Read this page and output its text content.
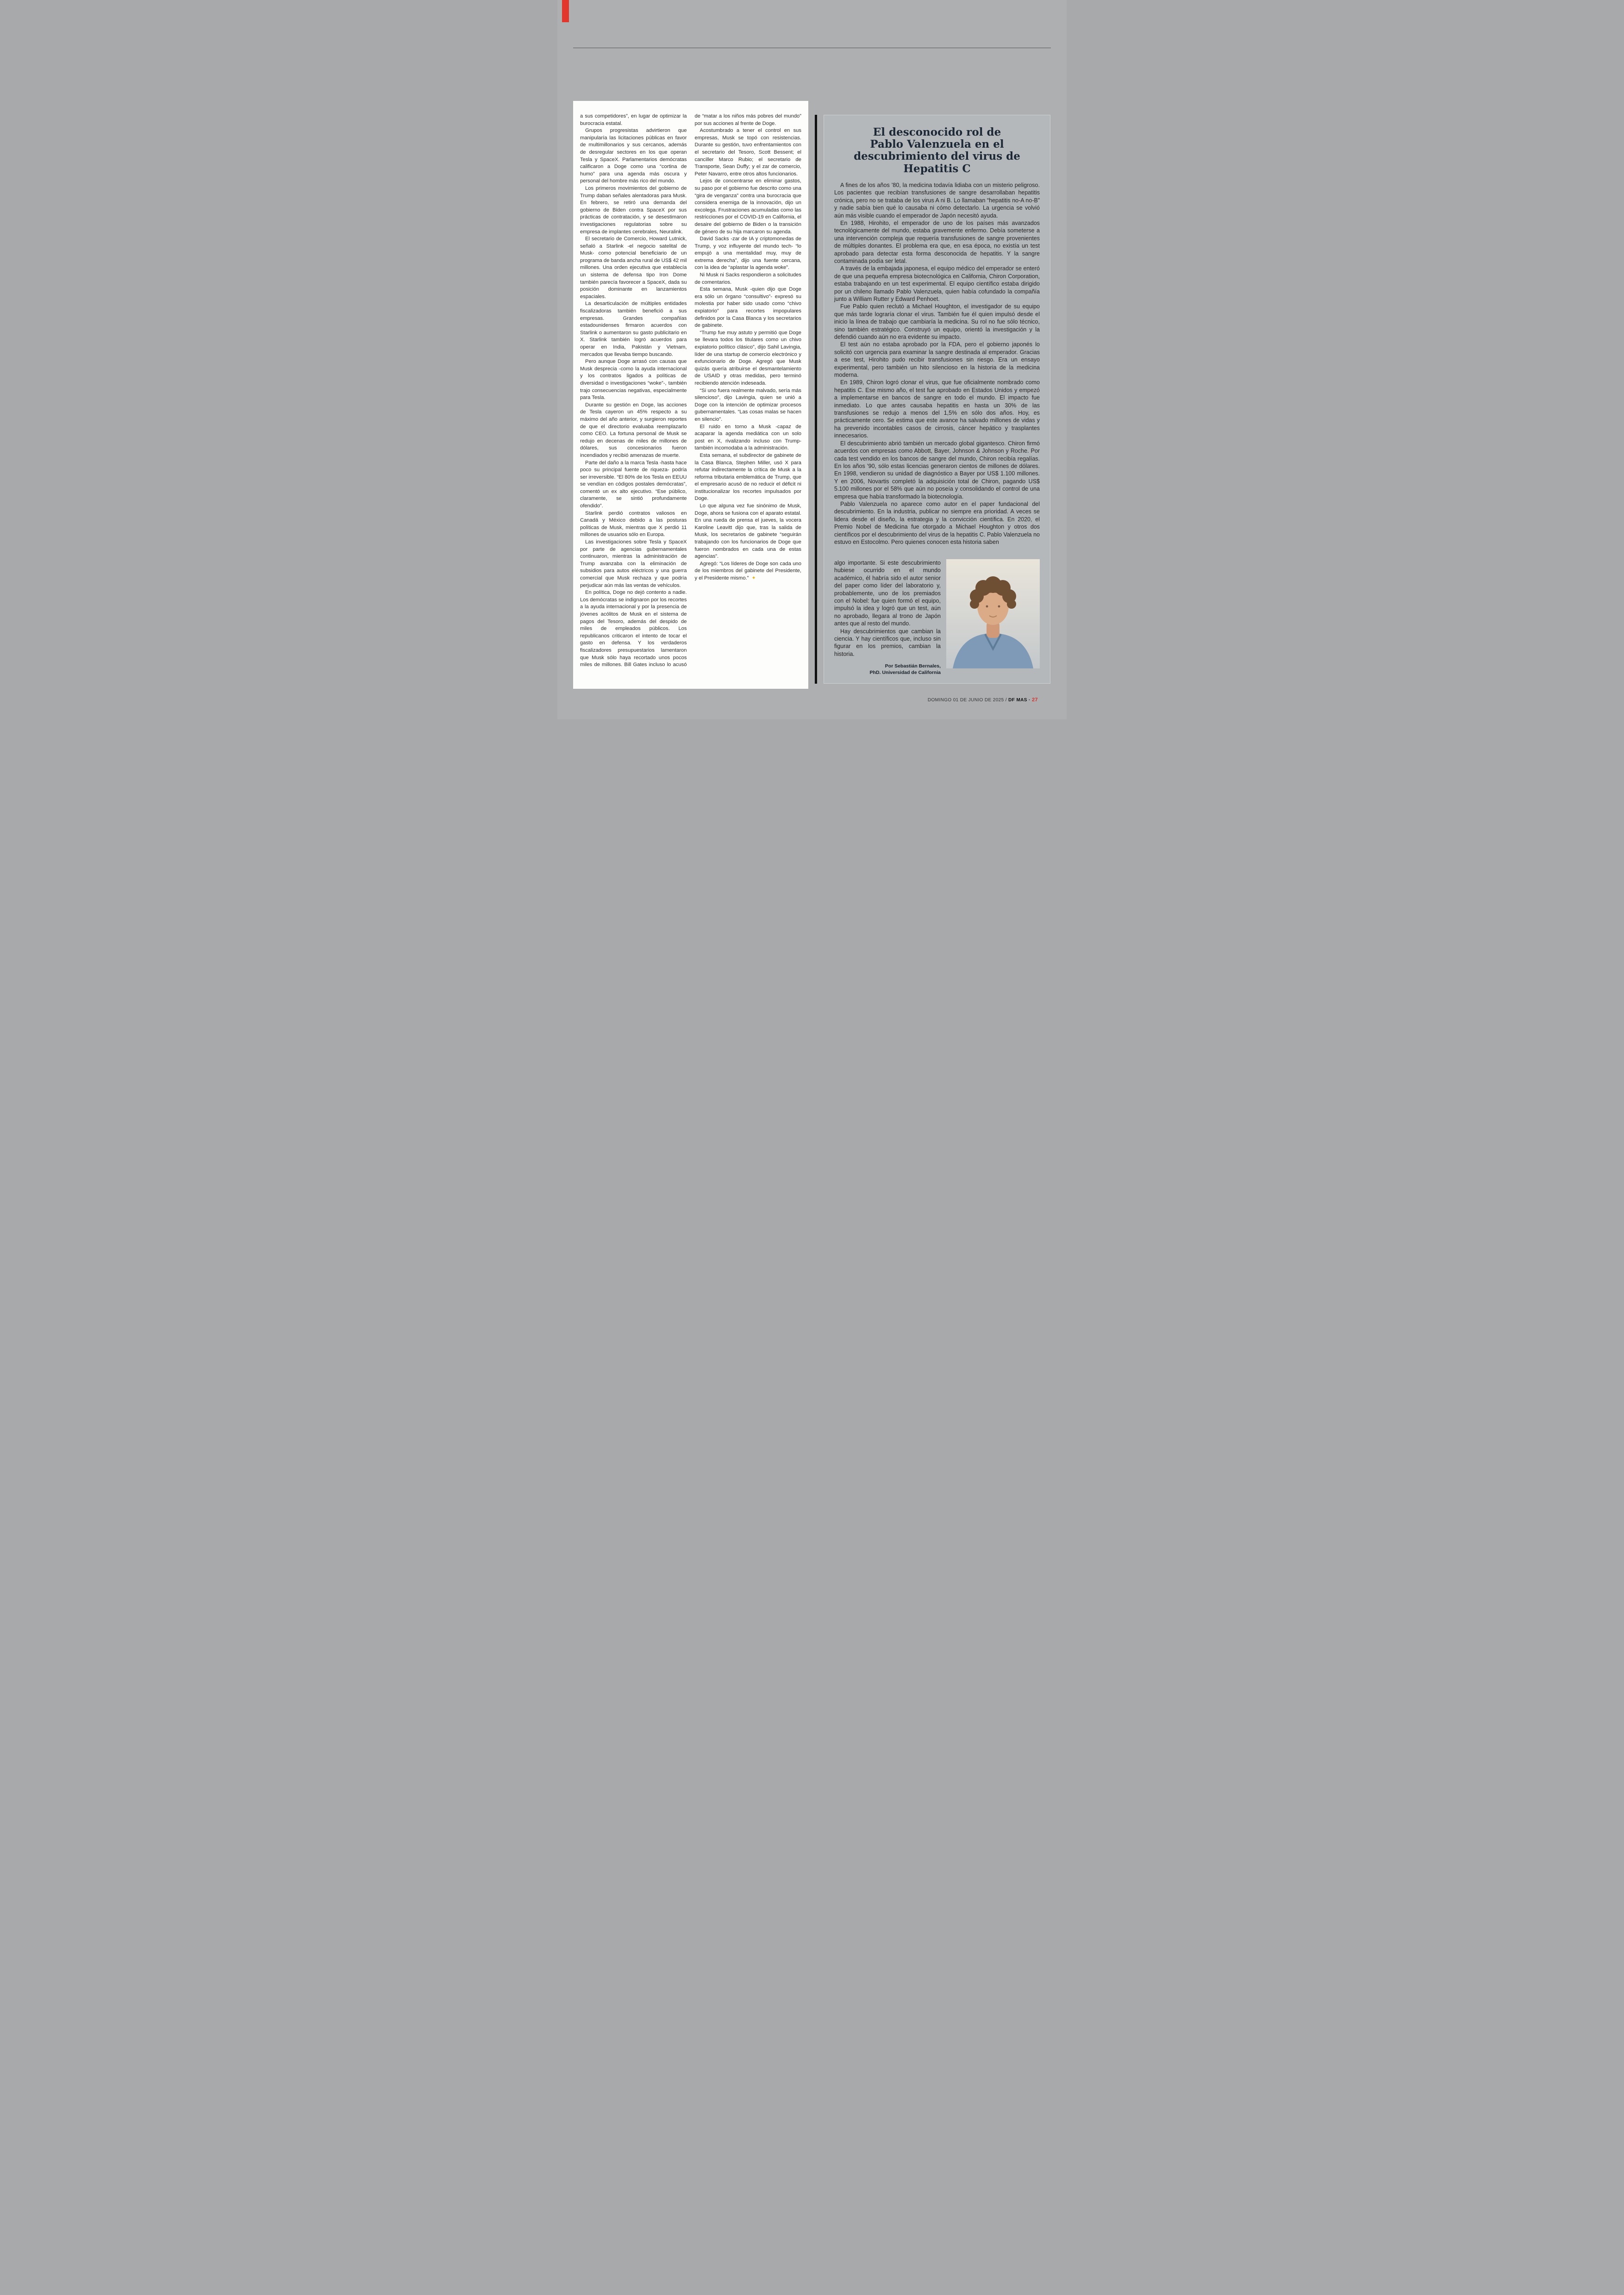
a sus competidores”, en lugar de optimizar la burocracia estatal.

Grupos progresistas advirtieron que manipularía las licitaciones públicas en favor de multimillonarios y sus cercanos, además de desregular sectores en los que operan Tesla y SpaceX. Parlamentarios demócratas calificaron a Doge como una “cortina de humo” para una agenda más oscura y personal del hombre más rico del mundo.

Los primeros movimientos del gobierno de Trump daban señales alentadoras para Musk. En febrero, se retiró una demanda del gobierno de Biden contra SpaceX por sus prácticas de contratación, y se desestimaron investigaciones regulatorias sobre su empresa de implantes cerebrales, Neuralink.

El secretario de Comercio, Howard Lutnick, señaló a Starlink -el negocio satelital de Musk- como potencial beneficiario de un programa de banda ancha rural de US$ 42 mil millones. Una orden ejecutiva que establecía un sistema de defensa tipo Iron Dome también parecía favorecer a SpaceX, dada su posición dominante en lanzamientos espaciales.

La desarticulación de múltiples entidades fiscalizadoras también benefició a sus empresas. Grandes compañías estadounidenses firmaron acuerdos con Starlink o aumentaron su gasto publicitario en X. Starlink también logró acuerdos para operar en India, Pakistán y Vietnam, mercados que llevaba tiempo buscando.

Pero aunque Doge arrasó con causas que Musk desprecia -como la ayuda internacional y los contratos ligados a políticas de diversidad o investigaciones “woke”-, también trajo consecuencias negativas, especialmente para Tesla.

Durante su gestión en Doge, las acciones de Tesla cayeron un 45% respecto a su máximo del año anterior, y surgieron reportes de que el directorio evaluaba reemplazarlo como CEO. La fortuna personal de Musk se redujo en decenas de miles de millones de dólares, sus concesionarios fueron incendiados y recibió amenazas de muerte.

Parte del daño a la marca Tesla -hasta hace poco su principal fuente de riqueza- podría ser irreversible. “El 80% de los Tesla en EEUU se vendían en códigos postales demócratas”, comentó un ex alto ejecutivo. “Ese público, claramente, se sintió profundamente ofendido”.

Starlink perdió contratos valiosos en Canadá y México debido a las posturas políticas de Musk, mientras que X perdió 11 millones de usuarios sólo en Europa.

Las investigaciones sobre Tesla y SpaceX por parte de agencias gubernamentales continuaron, mientras la administración de Trump avanzaba con la eliminación de subsidios para autos eléctricos y una guerra comercial que Musk rechaza y que podría perjudicar aún más las ventas de vehículos.

En política, Doge no dejó contento a nadie. Los demócratas se indignaron por los recortes a la ayuda internacional y por la presencia de jóvenes acólitos de Musk en el sistema de pagos del Tesoro, además del despido de miles de empleados públicos. Los republicanos criticaron el intento de tocar el gasto en defensa. Y los verdaderos fiscalizadores presupuestarios lamentaron que Musk sólo haya recortado unos pocos miles de millones. Bill Gates incluso lo acusó de “matar a los niños más pobres del mundo” por sus acciones al frente de Doge.

Acostumbrado a tener el control en sus empresas, Musk se topó con resistencias. Durante su gestión, tuvo enfrentamientos con el secretario del Tesoro, Scott Bessent; el canciller Marco Rubio; el secretario de Transporte, Sean Duffy; y el zar de comercio, Peter Navarro, entre otros altos funcionarios.

Lejos de concentrarse en eliminar gastos, su paso por el gobierno fue descrito como una “gira de venganza” contra una burocracia que considera enemiga de la innovación, dijo un excolega. Frustraciones acumuladas como las restricciones por el COVID-19 en California, el desaire del gobierno de Biden o la transición de género de su hija marcaron su agenda.

David Sacks -zar de IA y criptomonedas de Trump, y voz influyente del mundo tech- “lo empujó a una mentalidad muy, muy de extrema derecha”, dijo una fuente cercana, con la idea de “aplastar la agenda woke”.

Ni Musk ni Sacks respondieron a solicitudes de comentarios.

Esta semana, Musk -quien dijo que Doge era sólo un órgano “consultivo”- expresó su molestia por haber sido usado como “chivo expiatorio” para recortes impopulares definidos por la Casa Blanca y los secretarios de gabinete.

“Trump fue muy astuto y permitió que Doge se llevara todos los titulares como un chivo expiatorio político clásico”, dijo Sahil Lavingia, líder de una startup de comercio electrónico y exfuncionario de Doge. Agregó que Musk quizás quería atribuirse el desmantelamiento de USAID y otras medidas, pero terminó recibiendo atención indeseada.

“Si uno fuera realmente malvado, sería más silencioso”, dijo Lavingia, quien se unió a Doge con la intención de optimizar procesos gubernamentales. “Las cosas malas se hacen en silencio”.

El ruido en torno a Musk -capaz de acaparar la agenda mediática con un solo post en X, rivalizando incluso con Trump- también incomodaba a la administración.

Esta semana, el subdirector de gabinete de la Casa Blanca, Stephen Miller, usó X para refutar indirectamente la crítica de Musk a la reforma tributaria emblemática de Trump, que el empresario acusó de no reducir el déficit ni institucionalizar los recortes impulsados por Doge.

Lo que alguna vez fue sinónimo de Musk, Doge, ahora se fusiona con el aparato estatal. En una rueda de prensa el jueves, la vocera Karoline Leavitt dijo que, tras la salida de Musk, los secretarios de gabinete “seguirán trabajando con los funcionarios de Doge que fueron nombrados en cada una de estas agencias”.

Agregó: “Los líderes de Doge son cada uno de los miembros del gabinete del Presidente, y el Presidente mismo.” ✦

El desconocido rol de

Pablo Valenzuela en el

descubrimiento del virus de

Hepatitis C

A fines de los años ’80, la medicina todavía lidiaba con un misterio peligroso. Los pacientes que recibían transfusiones de sangre desarrollaban hepatitis crónica, pero no se trataba de los virus A ni B. Lo llamaban “hepatitis no-A no-B” y nadie sabía bien qué lo causaba ni cómo detectarlo. La urgencia se volvió aún más visible cuando el emperador de Japón necesitó ayuda.

En 1988, Hirohito, el emperador de uno de los países más avanzados tecnológicamente del mundo, estaba gravemente enfermo. Debía someterse a una intervención compleja que requería transfusiones de sangre provenientes de múltiples donantes. El problema era que, en esa época, no existía un test aprobado para detectar esta forma desconocida de hepatitis. Y la sangre contaminada podía ser letal.

A través de la embajada japonesa, el equipo médico del emperador se enteró de que una pequeña empresa biotecnológica en California, Chiron Corporation, estaba trabajando en un test experimental. El equipo científico estaba dirigido por un chileno llamado Pablo Valenzuela, quien había cofundado la compañía junto a William Rutter y Edward Penhoet.

Fue Pablo quien reclutó a Michael Houghton, el investigador de su equipo que más tarde lograría clonar el virus. También fue él quien impulsó desde el inicio la línea de trabajo que cambiaría la medicina. Su rol no fue sólo técnico, sino también estratégico. Construyó un equipo, orientó la investigación y la defendió cuando aún no era evidente su impacto.

El test aún no estaba aprobado por la FDA, pero el gobierno japonés lo solicitó con urgencia para examinar la sangre destinada al emperador. Gracias a ese test, Hirohito pudo recibir transfusiones sin riesgo. Era un ensayo experimental, pero también un hito silencioso en la historia de la medicina moderna.

En 1989, Chiron logró clonar el virus, que fue oficialmente nombrado como hepatitis C. Ese mismo año, el test fue aprobado en Estados Unidos y empezó a implementarse en bancos de sangre en todo el mundo. El impacto fue inmediato. Lo que antes causaba hepatitis en hasta un 30% de las transfusiones se redujo a menos del 1,5% en sólo dos años. Hoy, es prácticamente cero. Se estima que este avance ha salvado millones de vidas y ha prevenido incontables casos de cirrosis, cáncer hepático y trasplantes innecesarios.

El descubrimiento abrió también un mercado global gigantesco. Chiron firmó acuerdos con empresas como Abbott, Bayer, Johnson & Johnson y Roche. Por cada test vendido en los bancos de sangre del mundo, Chiron recibía regalías. En los años ’90, sólo estas licencias generaron cientos de millones de dólares. En 1998, vendieron su unidad de diagnóstico a Bayer por US$ 1.100 millones. Y en 2006, Novartis completó la adquisición total de Chiron, pagando US$ 5.100 millones por el 58% que aún no poseía y consolidando el control de una empresa que había transformado la biotecnología.

Pablo Valenzuela no aparece como autor en el paper fundacional del descubrimiento. En la industria, publicar no siempre era prioridad. A veces se lidera desde el diseño, la estrategia y la convicción científica. En 2020, el Premio Nobel de Medicina fue otorgado a Michael Houghton y otros dos científicos por el descubrimiento del virus de la hepatitis C. Pablo Valenzuela no estuvo en Estocolmo. Pero quienes conocen esta historia saben

algo importante. Si este descubrimiento hubiese ocurrido en el mundo académico, él habría sido el autor senior del paper como líder del laboratorio y, probablemente, uno de los premiados con el Nobel: fue quien formó el equipo, impulsó la idea y logró que un test, aún no aprobado, llegara al trono de Japón antes que al resto del mundo.

Hay descubrimientos que cambian la ciencia. Y hay científicos que, incluso sin figurar en los premios, cambian la historia.

Por Sebastián Bernales,
PhD. Universidad de California
DOMINGO 01 DE JUNIO DE 2025 / DF MAS · 27
